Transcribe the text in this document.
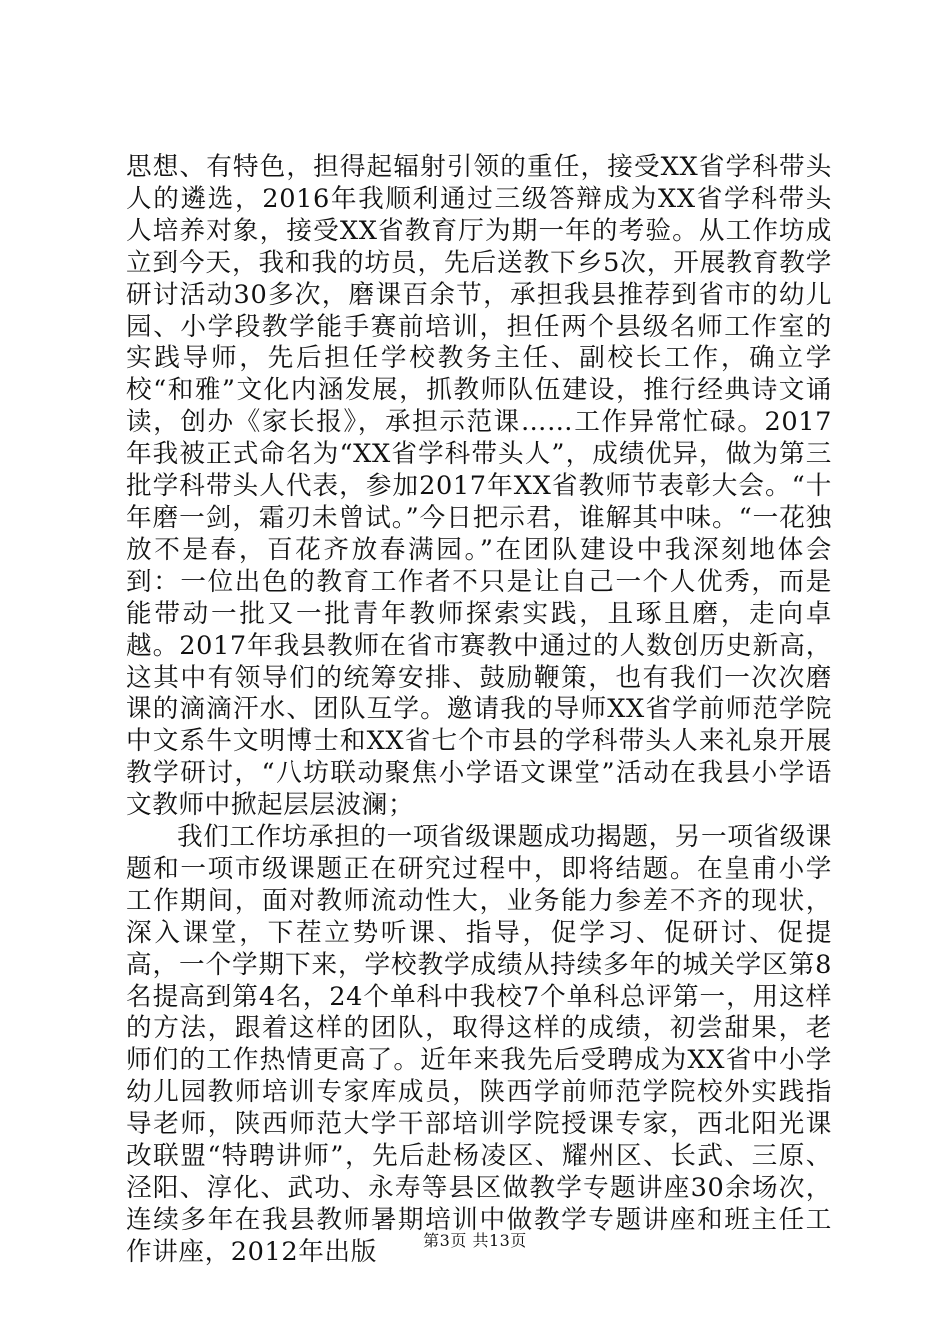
思想、有特色，担得起辐射引领的重任，接受XX省学科带头人的遴选，2016年我顺利通过三级答辩成为XX省学科带头人培养对象，接受XX省教育厅为期一年的考验。从工作坊成立到今天，我和我的坊员，先后送教下乡5次，开展教育教学研讨活动30多次，磨课百余节，承担我县推荐到省市的幼儿园、小学段教学能手赛前培训，担任两个县级名师工作室的实践导师，先后担任学校教务主任、副校长工作，确立学校“和雅”文化内涵发展，抓教师队伍建设，推行经典诗文诵读，创办《家长报》，承担示范课……工作异常忙碌。2017年我被正式命名为“XX省学科带头人”，成绩优异，做为第三批学科带头人代表，参加2017年XX省教师节表彰大会。“十年磨一剑，霜刃未曾试。”今日把示君，谁解其中味。“一花独放不是春，百花齐放春满园。”在团队建设中我深刻地体会到：一位出色的教育工作者不只是让自己一个人优秀，而是能带动一批又一批青年教师探索实践，且琢且磨，走向卓越。2017年我县教师在省市赛教中通过的人数创历史新高，这其中有领导们的统筹安排、鼓励鞭策，也有我们一次次磨课的滴滴汗水、团队互学。邀请我的导师XX省学前师范学院中文系牛文明博士和XX省七个市县的学科带头人来礼泉开展教学研讨，“八坊联动聚焦小学语文课堂”活动在我县小学语文教师中掀起层层波澜；

我们工作坊承担的一项省级课题成功揭题，另一项省级课题和一项市级课题正在研究过程中，即将结题。在皇甫小学工作期间，面对教师流动性大，业务能力参差不齐的现状，深入课堂，下茬立势听课、指导，促学习、促研讨、促提高，一个学期下来，学校教学成绩从持续多年的城关学区第8名提高到第4名，24个单科中我校7个单科总评第一，用这样的方法，跟着这样的团队，取得这样的成绩，初尝甜果，老师们的工作热情更高了。近年来我先后受聘成为XX省中小学幼儿园教师培训专家库成员，陕西学前师范学院校外实践指导老师，陕西师范大学干部培训学院授课专家，西北阳光课改联盟“特聘讲师”，先后赴杨凌区、耀州区、长武、三原、泾阳、淳化、武功、永寿等县区做教学专题讲座30余场次，连续多年在我县教师暑期培训中做教学专题讲座和班主任工作讲座，2012年出版	第3页 共13页
